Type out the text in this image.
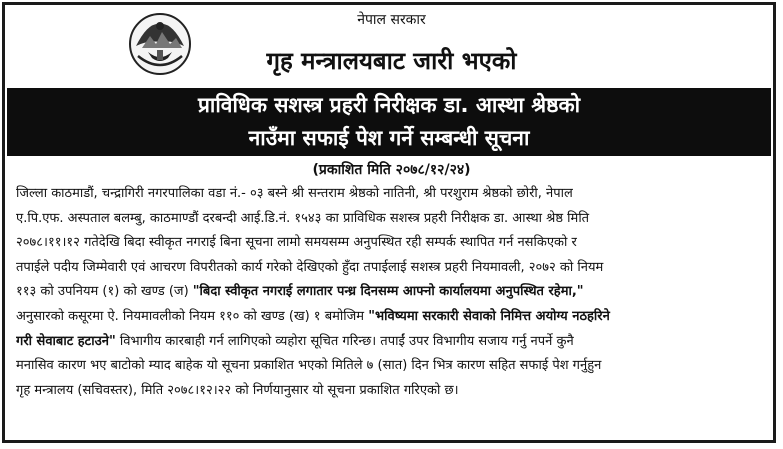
नेपाल सरकार
गृह मन्त्रालयबाट जारी भएको
प्राविधिक सशस्त्र प्रहरी निरीक्षक डा. आस्था श्रेष्ठको
नाउँमा सफाई पेश गर्ने सम्बन्धी सूचना
(प्रकाशित मिति २०७८/१२/२४)
जिल्ला काठमाडौं, चन्द्रागिरी नगरपालिका वडा नं.- ०३ बस्ने श्री सन्तराम श्रेष्ठको नातिनी, श्री परशुराम श्रेष्ठको छोरी, नेपाल
ए.पि.एफ. अस्पताल बलम्बु, काठमाण्डौं दरबन्दी आई.डि.नं. १५४३ का प्राविधिक सशस्त्र प्रहरी निरीक्षक डा. आस्था श्रेष्ठ मिति
२०७८।११।१२ गतेदेखि बिदा स्वीकृत नगराई बिना सूचना लामो समयसम्म अनुपस्थित रही सम्पर्क स्थापित गर्न नसकिएको र
तपाईले पदीय जिम्मेवारी एवं आचरण विपरीतको कार्य गरेको देखिएको हुँदा तपाईलाई सशस्त्र प्रहरी नियमावली, २०७२ को नियम
११३ को उपनियम (१) को खण्ड (ज) "बिदा स्वीकृत नगराई लगातार पन्ध्र दिनसम्म आफ्नो कार्यालयमा अनुपस्थित रहेमा,"
अनुसारको कसूरमा ऐ. नियमावलीको नियम ११० को खण्ड (ख) १ बमोजिम "भविष्यमा सरकारी सेवाको निमित्त अयोग्य नठहरिने
गरी सेवाबाट हटाउने" विभागीय कारबाही गर्न लागिएको व्यहोरा सूचित गरिन्छ। तपाईं उपर विभागीय सजाय गर्नु नपर्ने कुनै
मनासिव कारण भए बाटोको म्याद बाहेक यो सूचना प्रकाशित भएको मितिले ७ (सात) दिन भित्र कारण सहित सफाई पेश गर्नुहुन
गृह मन्त्रालय (सचिवस्तर), मिति २०७८।१२।२२ को निर्णयानुसार यो सूचना प्रकाशित गरिएको छ।
